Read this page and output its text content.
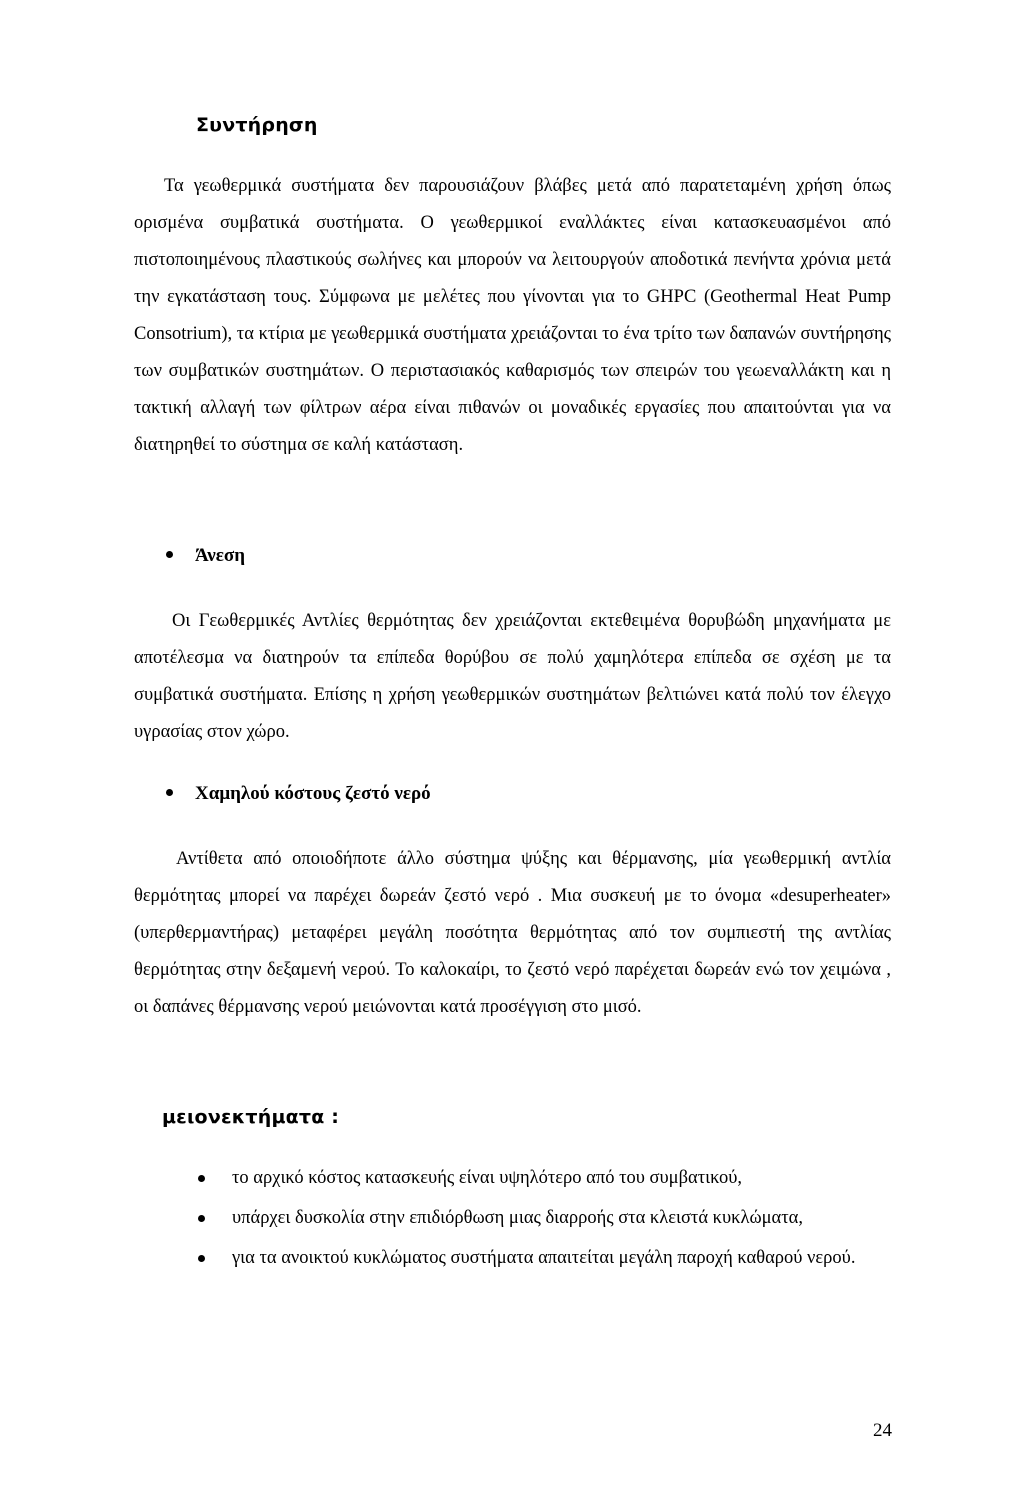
Συντήρηση
Τα γεωθερμικά συστήματα δεν παρουσιάζουν βλάβες μετά από παρατεταμένη χρήση όπως ορισμένα συμβατικά συστήματα. Ο γεωθερμικοί εναλλάκτες είναι κατασκευασμένοι από πιστοποιημένους πλαστικούς σωλήνες και μπορούν να λειτουργούν αποδοτικά πενήντα χρόνια μετά την εγκατάσταση τους. Σύμφωνα με μελέτες που γίνονται για το GHPC (Geothermal Heat Pump Consotrium), τα κτίρια με γεωθερμικά συστήματα χρειάζονται το ένα τρίτο των δαπανών συντήρησης των συμβατικών συστημάτων. Ο περιστασιακός καθαρισμός των σπειρών του γεωεναλλάκτη και η τακτική αλλαγή των φίλτρων αέρα είναι πιθανών οι μοναδικές εργασίες που απαιτούνται για να διατηρηθεί το σύστημα σε καλή κατάσταση.
Άνεση
Οι Γεωθερμικές Αντλίες θερμότητας δεν χρειάζονται εκτεθειμένα θορυβώδη μηχανήματα με αποτέλεσμα να διατηρούν τα επίπεδα θορύβου σε πολύ χαμηλότερα επίπεδα σε σχέση με τα συμβατικά συστήματα. Επίσης η χρήση γεωθερμικών συστημάτων βελτιώνει κατά πολύ τον έλεγχο υγρασίας στον χώρο.
Χαμηλού κόστους ζεστό νερό
Αντίθετα από οποιοδήποτε άλλο σύστημα ψύξης και θέρμανσης, μία γεωθερμική αντλία θερμότητας μπορεί να παρέχει δωρεάν ζεστό νερό . Μια συσκευή με το όνομα «desuperheater» (υπερθερμαντήρας) μεταφέρει μεγάλη ποσότητα θερμότητας από τον συμπιεστή της αντλίας θερμότητας στην δεξαμενή νερού. Το καλοκαίρι, το ζεστό νερό παρέχεται δωρεάν ενώ τον χειμώνα , οι δαπάνες θέρμανσης νερού μειώνονται κατά προσέγγιση στο μισό.
μειονεκτήματα :
το αρχικό κόστος κατασκευής είναι υψηλότερο από του συμβατικού,
υπάρχει δυσκολία στην επιδιόρθωση μιας διαρροής στα κλειστά κυκλώματα,
για τα ανοικτού κυκλώματος συστήματα απαιτείται μεγάλη παροχή καθαρού νερού.
24
